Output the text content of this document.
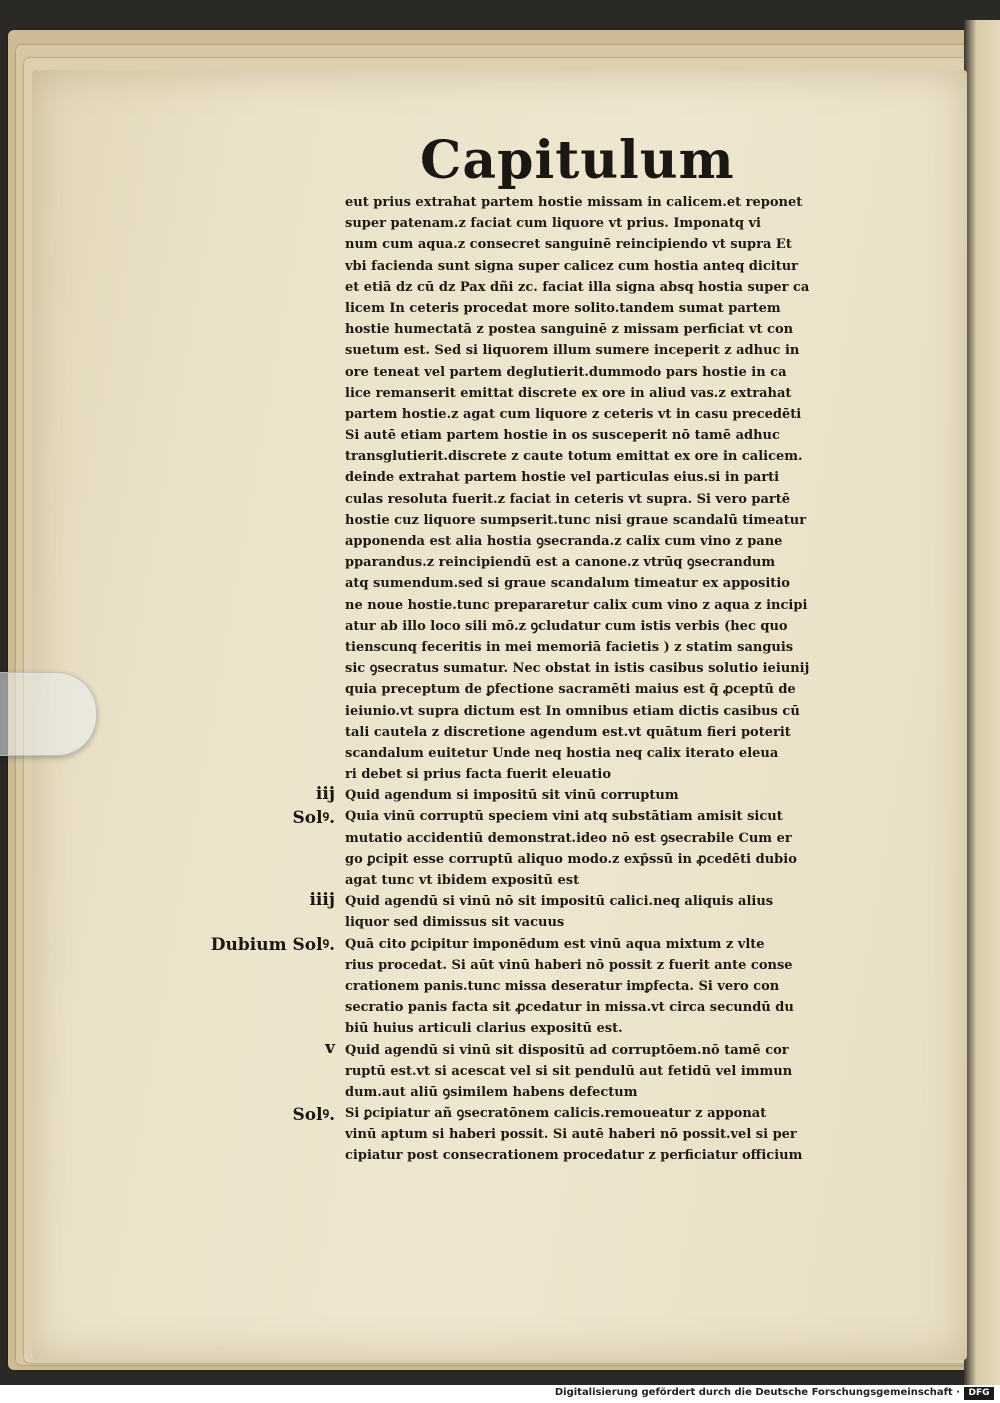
Capitulum
eut prius extrahat partem hostie missam in calicem.et reponet
super patenam.z faciat cum liquore vt prius. Imponatq vi
num cum aqua.z consecret sanguinē reincipiendo vt supra Et
vbi facienda sunt signa super calicez cum hostia anteq dicitur
et etiā dz cū dz Pax dñi zc. faciat illa signa absq hostia super ca
licem In ceteris procedat more solito.tandem sumat partem
hostie humectatā z postea sanguinē z missam perficiat vt con
suetum est. Sed si liquorem illum sumere inceperit z adhuc in
ore teneat vel partem deglutierit.dummodo pars hostie in ca
lice remanserit emittat discrete ex ore in aliud vas.z extrahat
partem hostie.z agat cum liquore z ceteris vt in casu precedēti
Si autē etiam partem hostie in os susceperit nō tamē adhuc
transglutierit.discrete z caute totum emittat ex ore in calicem.
deinde extrahat partem hostie vel particulas eius.si in parti
culas resoluta fuerit.z faciat in ceteris vt supra. Si vero partē
hostie cuz liquore sumpserit.tunc nisi graue scandalū timeatur
apponenda est alia hostia ꝯsecranda.z calix cum vino z pane
pparandus.z reincipiendū est a canone.z vtrūq ꝯsecrandum
atq sumendum.sed si graue scandalum timeatur ex appositio
ne noue hostie.tunc prepararetur calix cum vino z aqua z incipi
atur ab illo loco sili mō.z ꝯcludatur cum istis verbis (hec quo
tienscunq feceritis in mei memoriā facietis ) z statim sanguis
sic ꝯsecratus sumatur. Nec obstat in istis casibus solutio ieiunij
quia preceptum de ꝑfectione sacramēti maius est q̄ ꝓceptū de
ieiunio.vt supra dictum est In omnibus etiam dictis casibus cū
tali cautela z discretione agendum est.vt quātum fieri poterit
scandalum euitetur Unde neq hostia neq calix iterato eleua
ri debet si prius facta fuerit eleuatio
Quid agendum si impositū sit vinū corruptum
Quia vinū corruptū speciem vini atq substātiam amisit sicut
mutatio accidentiū demonstrat.ideo nō est ꝯsecrabile Cum er
go ꝑcipit esse corruptū aliquo modo.z exp̄ssū in ꝓcedēti dubio
agat tunc vt ibidem expositū est
Quid agendū si vinū nō sit impositū calici.neq aliquis alius
liquor sed dimissus sit vacuus
Quā cito ꝑcipitur imponēdum est vinū aqua mixtum z vlte
rius procedat. Si aūt vinū haberi nō possit z fuerit ante conse
crationem panis.tunc missa deseratur imꝑfecta. Si vero con
secratio panis facta sit ꝓcedatur in missa.vt circa secundū du
biū huius articuli clarius expositū est.
Quid agendū si vinū sit dispositū ad corruptōem.nō tamē cor
ruptū est.vt si acescat vel si sit pendulū aut fetidū vel immun
dum.aut aliū ꝯsimilem habens defectum
Si ꝑcipiatur añ ꝯsecratōnem calicis.remoueatur z apponat
vinū aptum si haberi possit. Si autē haberi nō possit.vel si per
cipiatur post consecrationem procedatur z perficiatur officium
iij
Solꝰ.
iiij
Dubium Solꝰ.
v
Solꝰ.
Digitalisierung gefördert durch die Deutsche Forschungsgemeinschaft · DFG
